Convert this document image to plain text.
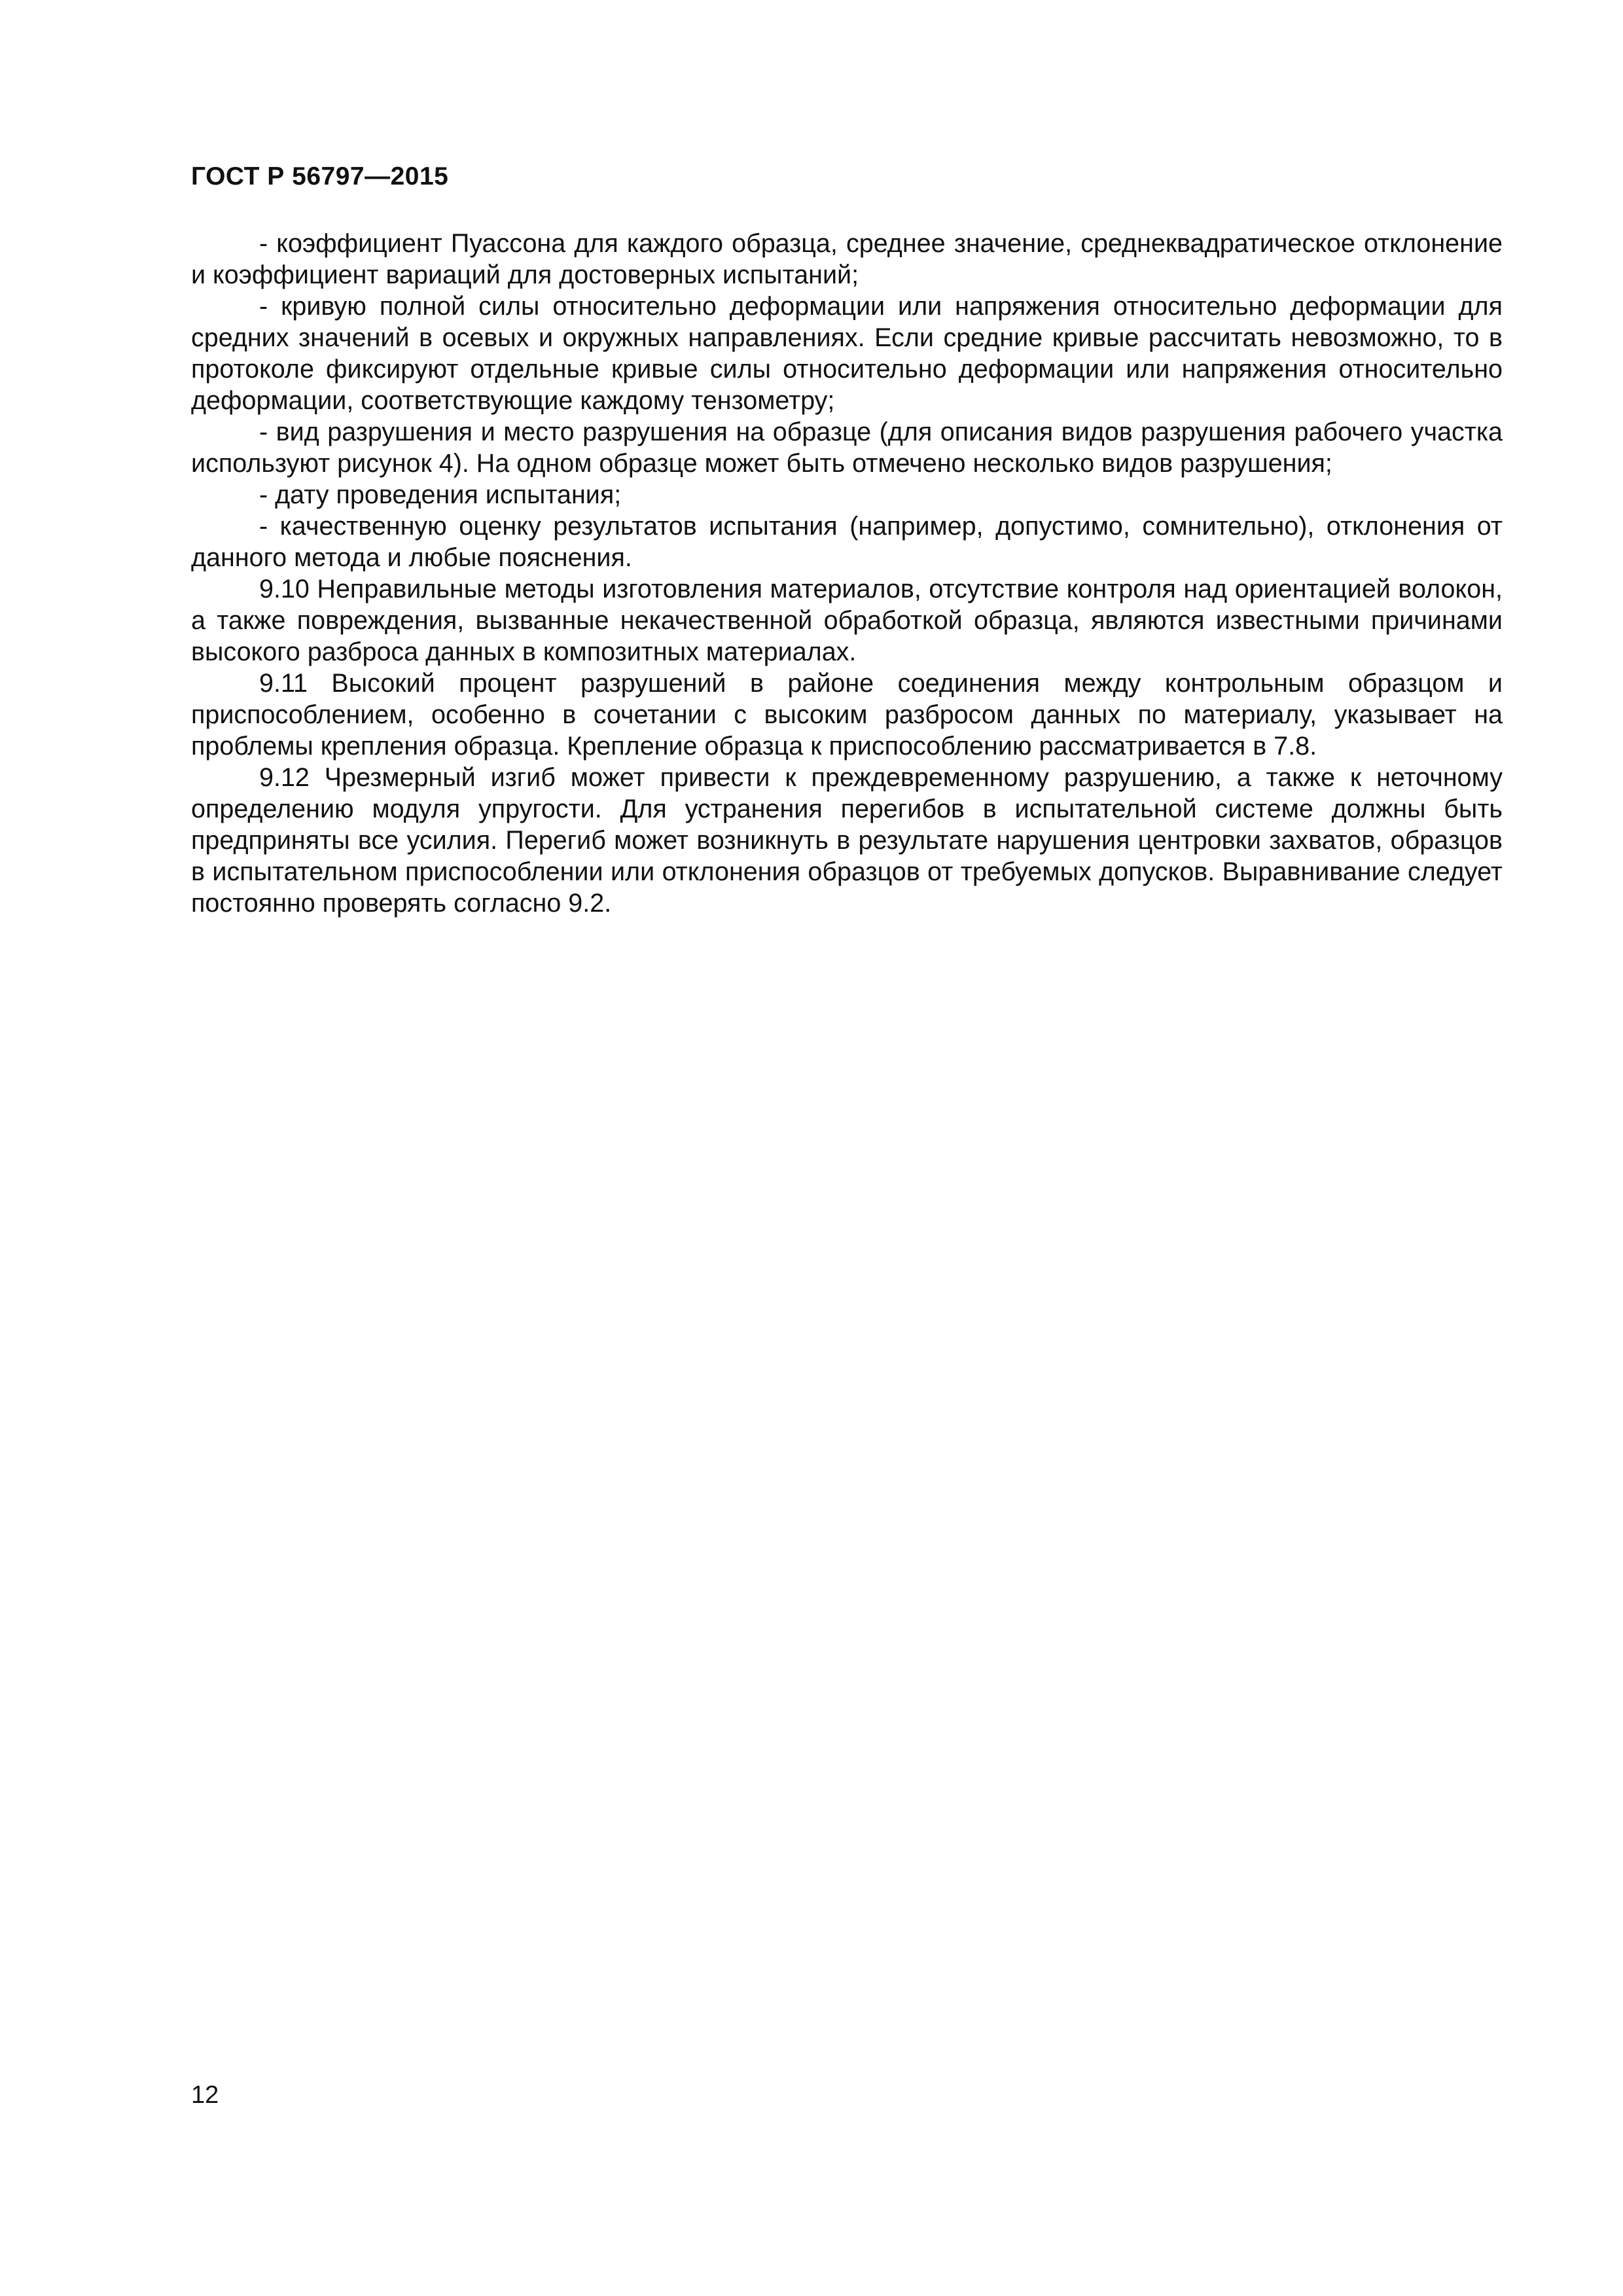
ГОСТ Р 56797—2015

- коэффициент Пуассона для каждого образца, среднее значение, среднеквадратическое отклонение и коэффициент вариаций для достоверных испытаний;

- кривую полной силы относительно деформации или напряжения относительно деформации для средних значений в осевых и окружных направлениях. Если средние кривые рассчитать невозможно, то в протоколе фиксируют отдельные кривые силы относительно деформации или напряжения относительно деформации, соответствующие каждому тензометру;

- вид разрушения и место разрушения на образце (для описания видов разрушения рабочего участка используют рисунок 4). На одном образце может быть отмечено несколько видов разрушения;

- дату проведения испытания;

- качественную оценку результатов испытания (например, допустимо, сомнительно), отклонения от данного метода и любые пояснения.

9.10 Неправильные методы изготовления материалов, отсутствие контроля над ориентацией волокон, а также повреждения, вызванные некачественной обработкой образца, являются известными причинами высокого разброса данных в композитных материалах.

9.11 Высокий процент разрушений в районе соединения между контрольным образцом и приспособлением, особенно в сочетании с высоким разбросом данных по материалу, указывает на проблемы крепления образца. Крепление образца к приспособлению рассматривается в 7.8.

9.12 Чрезмерный изгиб может привести к преждевременному разрушению, а также к неточному определению модуля упругости. Для устранения перегибов в испытательной системе должны быть предприняты все усилия. Перегиб может возникнуть в результате нарушения центровки захватов, образцов в испытательном приспособлении или отклонения образцов от требуемых допусков. Выравнивание следует постоянно проверять согласно 9.2.

12
